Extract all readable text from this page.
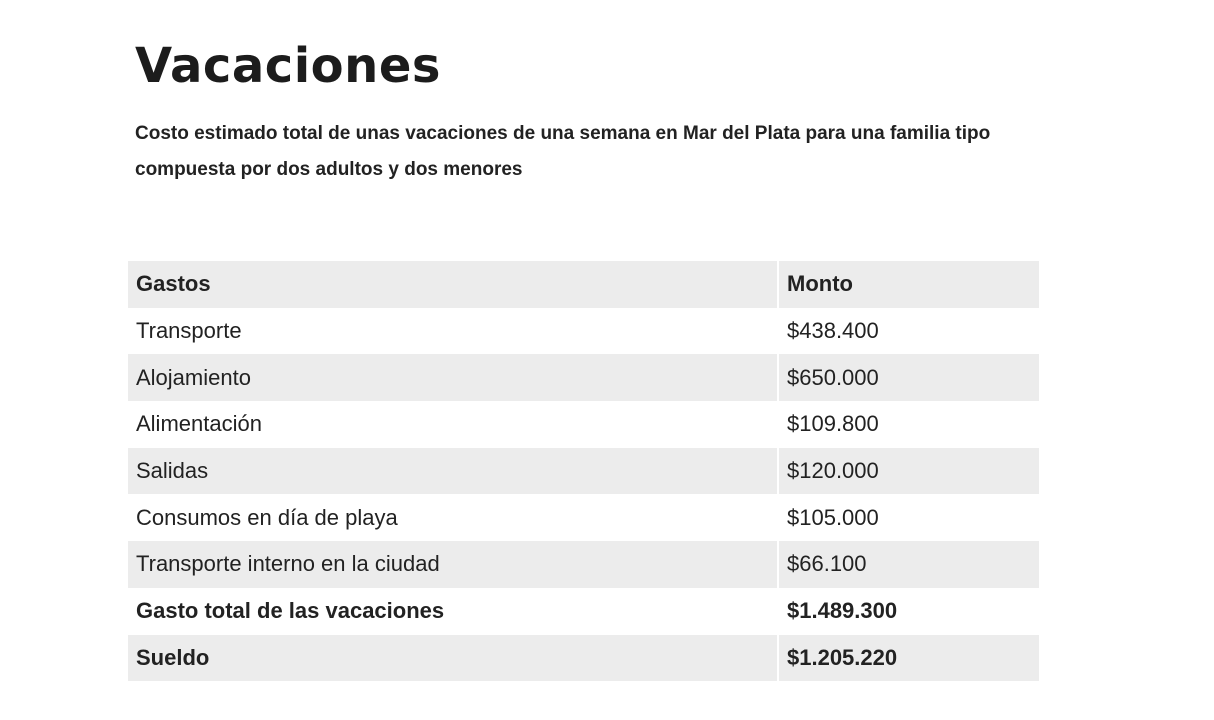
Vacaciones

Costo estimado total de unas vacaciones de una semana en Mar del Plata para una familia tipo compuesta por dos adultos y dos menores

Gastos	Monto
Transporte	$438.400
Alojamiento	$650.000
Alimentación	$109.800
Salidas	$120.000
Consumos en día de playa	$105.000
Transporte interno en la ciudad	$66.100
Gasto total de las vacaciones	$1.489.300
Sueldo	$1.205.220
